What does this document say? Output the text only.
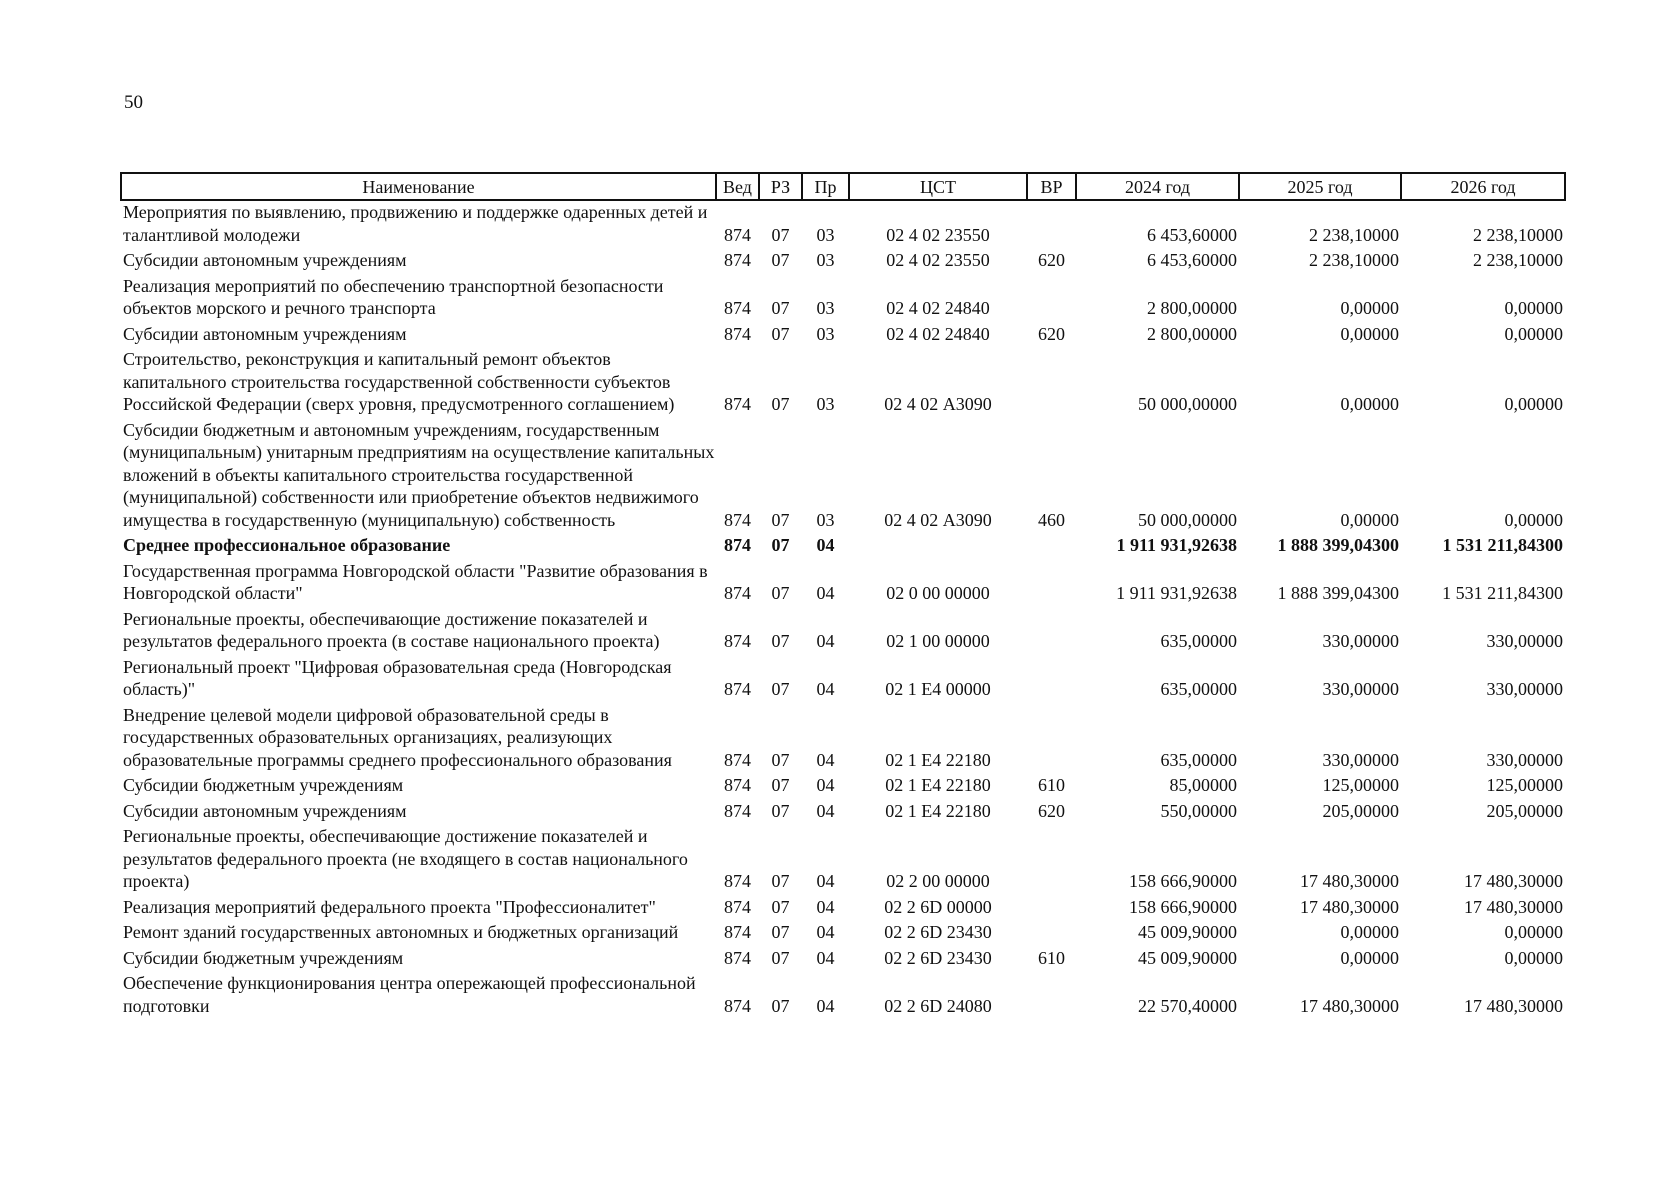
50
Наименование	Вед	РЗ	Пр	ЦСТ	ВР	2024 год	2025 год	2026 год
Мероприятия по выявлению, продвижению и поддержке одаренных детей и талантливой молодежи	874	07	03	02 4 02 23550		6 453,60000	2 238,10000	2 238,10000
Субсидии автономным учреждениям	874	07	03	02 4 02 23550	620	6 453,60000	2 238,10000	2 238,10000
Реализация мероприятий по обеспечению транспортной безопасности объектов морского и речного транспорта	874	07	03	02 4 02 24840		2 800,00000	0,00000	0,00000
Субсидии автономным учреждениям	874	07	03	02 4 02 24840	620	2 800,00000	0,00000	0,00000
Строительство, реконструкция и капитальный ремонт объектов капитального строительства государственной собственности субъектов Российской Федерации (сверх уровня, предусмотренного соглашением)	874	07	03	02 4 02 А3090		50 000,00000	0,00000	0,00000
Субсидии бюджетным и автономным учреждениям, государственным (муниципальным) унитарным предприятиям на осуществление капитальных вложений в объекты капитального строительства государственной (муниципальной) собственности или приобретение объектов недвижимого имущества в государственную (муниципальную) собственность	874	07	03	02 4 02 А3090	460	50 000,00000	0,00000	0,00000
Среднее профессиональное образование	874	07	04			1 911 931,92638	1 888 399,04300	1 531 211,84300
Государственная программа Новгородской области "Развитие образования в Новгородской области"	874	07	04	02 0 00 00000		1 911 931,92638	1 888 399,04300	1 531 211,84300
Региональные проекты, обеспечивающие достижение показателей и результатов федерального проекта (в составе национального проекта)	874	07	04	02 1 00 00000		635,00000	330,00000	330,00000
Региональный проект "Цифровая образовательная среда (Новгородская область)"	874	07	04	02 1 Е4 00000		635,00000	330,00000	330,00000
Внедрение целевой модели цифровой образовательной среды в государственных образовательных организациях, реализующих образовательные программы среднего профессионального образования	874	07	04	02 1 Е4 22180		635,00000	330,00000	330,00000
Субсидии бюджетным учреждениям	874	07	04	02 1 Е4 22180	610	85,00000	125,00000	125,00000
Субсидии автономным учреждениям	874	07	04	02 1 Е4 22180	620	550,00000	205,00000	205,00000
Региональные проекты, обеспечивающие достижение показателей и результатов федерального проекта (не входящего в состав национального проекта)	874	07	04	02 2 00 00000		158 666,90000	17 480,30000	17 480,30000
Реализация мероприятий федерального проекта "Профессионалитет"	874	07	04	02 2 6D 00000		158 666,90000	17 480,30000	17 480,30000
Ремонт зданий государственных автономных и бюджетных организаций	874	07	04	02 2 6D 23430		45 009,90000	0,00000	0,00000
Субсидии бюджетным учреждениям	874	07	04	02 2 6D 23430	610	45 009,90000	0,00000	0,00000
Обеспечение функционирования центра опережающей профессиональной подготовки	874	07	04	02 2 6D 24080		22 570,40000	17 480,30000	17 480,30000
